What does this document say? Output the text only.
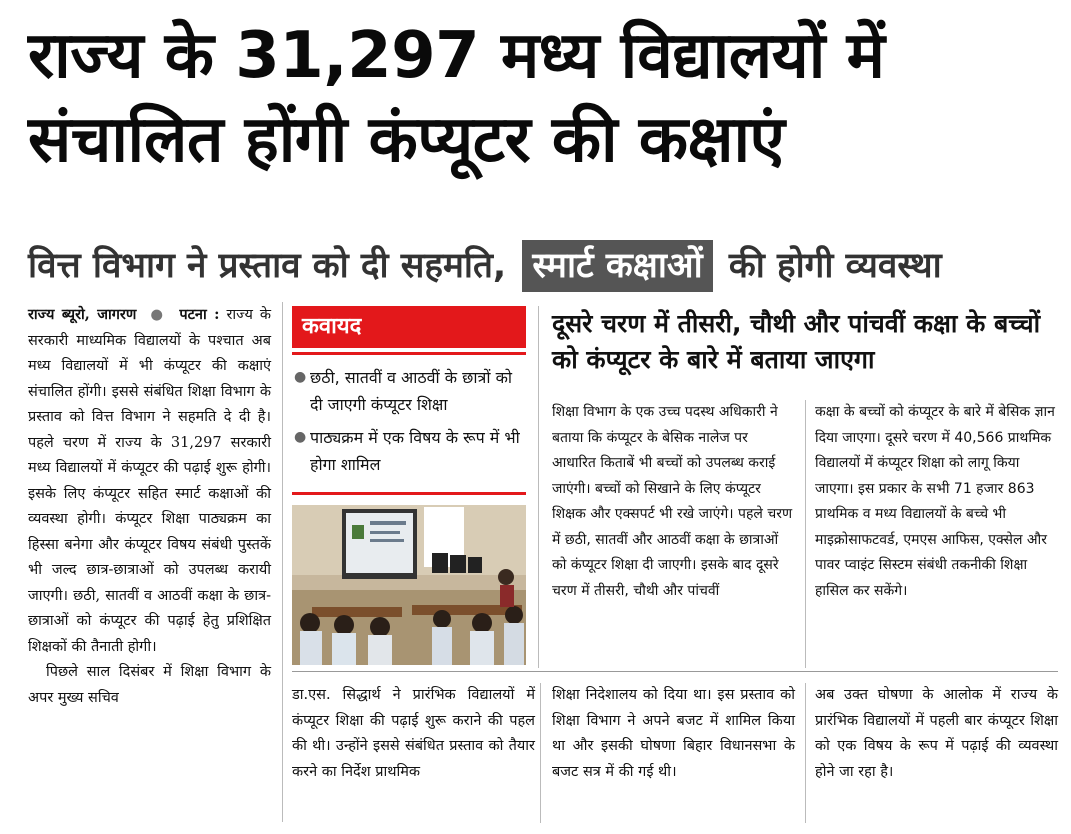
राज्य के 31,297 मध्य विद्यालयों में
संचालित होंगी कंप्यूटर की कक्षाएं
वित्त विभाग ने प्रस्ताव को दी सहमति, स्मार्ट कक्षाओं की होगी व्यवस्था

राज्य ब्यूरो, जागरण  ●  पटना : राज्य के सरकारी माध्यमिक विद्यालयों के पश्चात अब मध्य विद्यालयों में भी कंप्यूटर की कक्षाएं संचालित होंगी। इससे संबंधित शिक्षा विभाग के प्रस्ताव को वित्त विभाग ने सहमति दे दी है। पहले चरण में राज्य के 31,297 सरकारी मध्य विद्यालयों में कंप्यूटर की पढ़ाई शुरू होगी। इसके लिए कंप्यूटर सहित स्मार्ट कक्षाओं की व्यवस्था होगी। कंप्यूटर शिक्षा पाठ्यक्रम का हिस्सा बनेगा और कंप्यूटर विषय संबंधी पुस्तकें भी जल्द छात्र-छात्राओं को उपलब्ध करायी जाएगी। छठी, सातवीं व आठवीं कक्षा के छात्र-छात्राओं को कंप्यूटर की पढ़ाई हेतु प्रशिक्षित शिक्षकों की तैनाती होगी।

पिछले साल दिसंबर में शिक्षा विभाग के अपर मुख्य सचिव

कवायद
● छठी, सातवीं व आठवीं के छात्रों को दी जाएगी कंप्यूटर शिक्षा
● पाठ्यक्रम में एक विषय के रूप में भी होगा शामिल
दूसरे चरण में तीसरी, चौथी और पांचवीं कक्षा के बच्चों को कंप्यूटर के बारे में बताया जाएगा
शिक्षा विभाग के एक उच्च पदस्थ अधिकारी ने बताया कि कंप्यूटर के बेसिक नालेज पर आधारित किताबें भी बच्चों को उपलब्ध कराई जाएंगी। बच्चों को सिखाने के लिए कंप्यूटर शिक्षक और एक्सपर्ट भी रखे जाएंगे। पहले चरण में छठी, सातवीं और आठवीं कक्षा के छात्राओं को कंप्यूटर शिक्षा दी जाएगी। इसके बाद दूसरे चरण में तीसरी, चौथी और पांचवीं
कक्षा के बच्चों को कंप्यूटर के बारे में बेसिक ज्ञान दिया जाएगा। दूसरे चरण में 40,566 प्राथमिक विद्यालयों में कंप्यूटर शिक्षा को लागू किया जाएगा। इस प्रकार के सभी 71 हजार 863 प्राथमिक व मध्य विद्यालयों के बच्चे भी माइक्रोसाफटवर्ड, एमएस आफिस, एक्सेल और पावर प्वाइंट सिस्टम संबंधी तकनीकी शिक्षा हासिल कर सकेंगे।
डा.एस. सिद्धार्थ ने प्रारंभिक विद्यालयों में कंप्यूटर शिक्षा की पढ़ाई शुरू कराने की पहल की थी। उन्होंने इससे संबंधित प्रस्ताव को तैयार करने का निर्देश प्राथमिक
शिक्षा निदेशालय को दिया था। इस प्रस्ताव को शिक्षा विभाग ने अपने बजट में शामिल किया था और इसकी घोषणा बिहार विधानसभा के बजट सत्र में की गई थी।
अब उक्त घोषणा के आलोक में राज्य के प्रारंभिक विद्यालयों में पहली बार कंप्यूटर शिक्षा को एक विषय के रूप में पढ़ाई की व्यवस्था होने जा रहा है।
